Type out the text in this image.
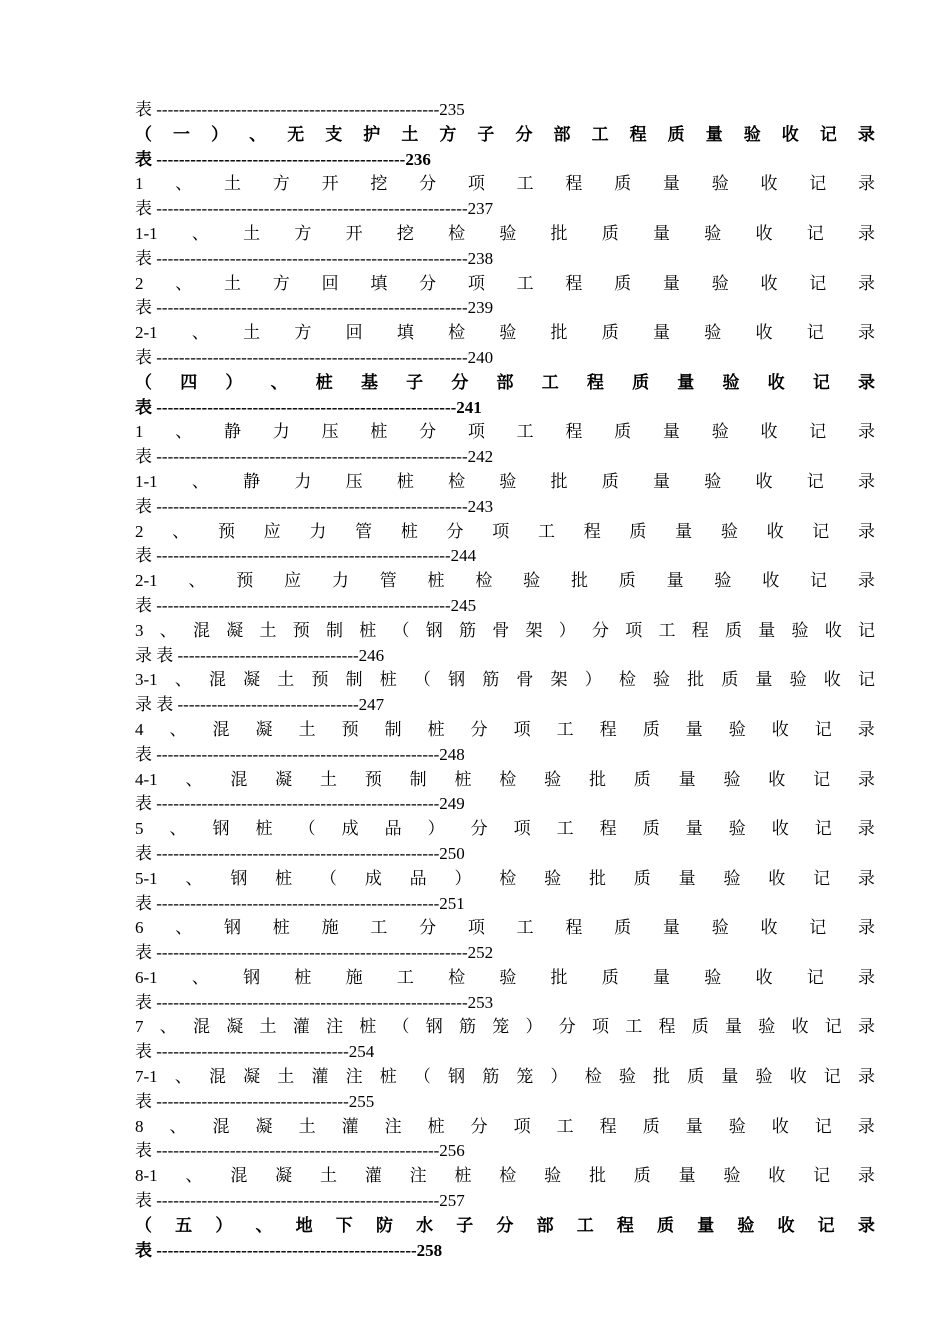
表 --------------------------------------------------235
（ 一 ） 、 无 支 护 土 方 子 分 部 工 程 质 量 验 收 记 录
表 --------------------------------------------236
1 、 土 方 开 挖 分 项 工 程 质 量 验 收 记 录
表 -------------------------------------------------------237
1-1 、 土 方 开 挖 检 验 批 质 量 验 收 记 录
表 -------------------------------------------------------238
2 、 土 方 回 填 分 项 工 程 质 量 验 收 记 录
表 -------------------------------------------------------239
2-1 、 土 方 回 填 检 验 批 质 量 验 收 记 录
表 -------------------------------------------------------240
（ 四 ） 、 桩 基 子 分 部 工 程 质 量 验 收 记 录
表 -----------------------------------------------------241
1 、 静 力 压 桩 分 项 工 程 质 量 验 收 记 录
表 -------------------------------------------------------242
1-1 、 静 力 压 桩 检 验 批 质 量 验 收 记 录
表 -------------------------------------------------------243
2 、 预 应 力 管 桩 分 项 工 程 质 量 验 收 记 录
表 ----------------------------------------------------244
2-1 、 预 应 力 管 桩 检 验 批 质 量 验 收 记 录
表 ----------------------------------------------------245
3 、 混 凝 土 预 制 桩 （ 钢 筋 骨 架 ） 分 项 工 程 质 量 验 收 记
录 表 --------------------------------246
3-1 、 混 凝 土 预 制 桩 （ 钢 筋 骨 架 ） 检 验 批 质 量 验 收 记
录 表 --------------------------------247
4 、 混 凝 土 预 制 桩 分 项 工 程 质 量 验 收 记 录
表 --------------------------------------------------248
4-1 、 混 凝 土 预 制 桩 检 验 批 质 量 验 收 记 录
表 --------------------------------------------------249
5 、 钢 桩 （ 成 品 ） 分 项 工 程 质 量 验 收 记 录
表 --------------------------------------------------250
5-1 、 钢 桩 （ 成 品 ） 检 验 批 质 量 验 收 记 录
表 --------------------------------------------------251
6 、 钢 桩 施 工 分 项 工 程 质 量 验 收 记 录
表 -------------------------------------------------------252
6-1 、 钢 桩 施 工 检 验 批 质 量 验 收 记 录
表 -------------------------------------------------------253
7 、 混 凝 土 灌 注 桩 （ 钢 筋 笼 ） 分 项 工 程 质 量 验 收 记 录
表 ----------------------------------254
7-1 、 混 凝 土 灌 注 桩 （ 钢 筋 笼 ） 检 验 批 质 量 验 收 记 录
表 ----------------------------------255
8 、 混 凝 土 灌 注 桩 分 项 工 程 质 量 验 收 记 录
表 --------------------------------------------------256
8-1 、 混 凝 土 灌 注 桩 检 验 批 质 量 验 收 记 录
表 --------------------------------------------------257
（ 五 ） 、 地 下 防 水 子 分 部 工 程 质 量 验 收 记 录
表 ----------------------------------------------258
